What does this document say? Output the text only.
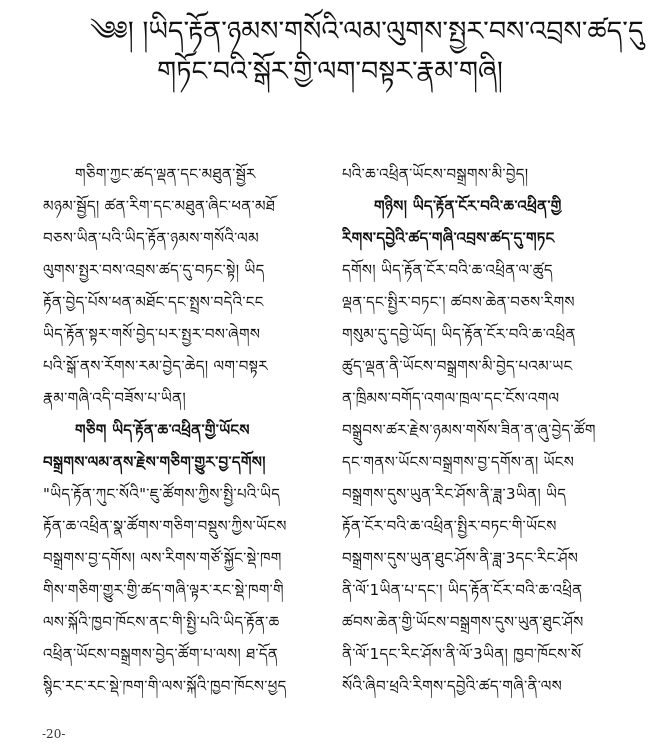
༄༅། །ཡིད་རྟོན་ཉམས་གསོའི་ལམ་ལུགས་སྤྱར་བས་འབྲས་ཚད་དུ
གཏོང་བའི་སྒོར་གྱི་ལག་བསྟར་རྣམ་གཞི།
གཅིག་ཀྱང་ཚད་ལྡན་དང་མཐུན་སྦྱོར
མཉམ་སྦྱོད། ཚན་རིག་དང་མཐུན་ཞིང་ཕན་མཐོ
བཅས་ཡིན་པའི་ཡིད་རྟོན་ཉམས་གསོའི་ལམ
ལུགས་སྤྱར་བས་འབྲས་ཚད་དུ་བཏང་སྟེ། ཡིད
རྟོན་བྱེད་པོས་ཕན་མཐོང་དང་སྤྲས་བདེའི་ངང
ཡིད་རྟོན་སྟར་གསོ་བྱེད་པར་སྤྱར་བས་ཞེགས
པའི་སྒོ་ནས་རོགས་རམ་བྱེད་ཆེད། ལག་བསྟར
རྣམ་གཞི་འདི་བཟོས་པ་ཡིན།
གཅིག ཡིད་རྟོན་ཆ་འཕྲིན་གྱི་ཡོངས
བསྒྲགས་ལམ་ནས་རྗེས་གཅིག་གྱུར་བྱ་དགོས།
"ཡིད་རྟོན་ཀུང་སོའི"་ཇུ་ཚོགས་ཀྱིས་སྤྱི་པའི་ཡིད
རྟོན་ཆ་འཕྲིན་སྣ་ཚོགས་གཅིག་བསྡུས་ཀྱིས་ཡོངས
བསྒྲགས་བྱ་དགོས། ལས་རིགས་གཙོ་སྐྱོང་སྡེ་ཁག
གིས་གཅིག་གྱུར་གྱི་ཚད་གཞི་ལྟར་རང་སྡེ་ཁག་གི
ལས་སྐོའི་ཁྱབ་ཁོངས་ནང་གི་སྤྱི་པའི་ཡིད་རྟོན་ཆ
འཕྲིན་ཡོངས་བསྒྲགས་བྱེད་ཚོག་པ་ལས། ཐ་དོན
སྙིང་རང་རང་སྡེ་ཁག་གི་ལས་སྐོའི་ཁྱབ་ཁོངས་ཕྱད
པའི་ཆ་འཕྲིན་ཡོངས་བསྒྲགས་མི་བྱེད།
གཉིས། ཡིད་རྟོན་ངོར་བའི་ཆ་འཕྲིན་གྱི
རིགས་དབྱེའི་ཚད་གཞི་འབྲས་ཚད་དུ་གཏང
དགོས། ཡིད་རྟོན་ངོར་བའི་ཆ་འཕྲིན་ལ་ཚུད
ལྡན་དང་སྤྱིར་བཏང་། ཚབས་ཆེན་བཅས་རིགས
གསུམ་དུ་དབྱེ་ཡོད། ཡིད་རྟོན་ངོར་བའི་ཆ་འཕྲིན
ཚུད་ལྡན་ནི་ཡོངས་བསྒྲགས་མི་བྱེད་པའམ་ཡང
ན་ཁྲིམས་བགོད་འགལ་ཁྲལ་དང་ངོས་འགལ
བསྒྲུབས་ཚར་རྗེས་ཉམས་གསོས་ཟིན་ན་ཞུ་བྱེད་ཚོག
དང་གནས་ཡོངས་བསྒྲགས་བྱ་དགོས་ན། ཡོངས
བསྒྲགས་དུས་ཡུན་རིང་ཤོས་ནི་ཟླ་3ཡིན། ཡིད
རྟོན་ངོར་བའི་ཆ་འཕྲིན་སྤྱིར་བཏང་གི་ཡོངས
བསྒྲགས་དུས་ཡུན་ཐུང་ཤོས་ནི་ཟླ་3དང་རིང་ཤོས
ནི་ལོ་1ཡིན་པ་དང་། ཡིད་རྟོན་ངོར་བའི་ཆ་འཕྲིན
ཚབས་ཆེན་གྱི་ཡོངས་བསྒྲགས་དུས་ཡུན་ཐུང་ཤོས
ནི་ལོ་1དང་རིང་ཤོས་ནི་ལོ་3ཡིན། ཁྱབ་ཁོངས་སོ
སོའི་ཞིབ་ཕྲའི་རིགས་དབྱེའི་ཚད་གཞི་ནི་ལས
-20-
